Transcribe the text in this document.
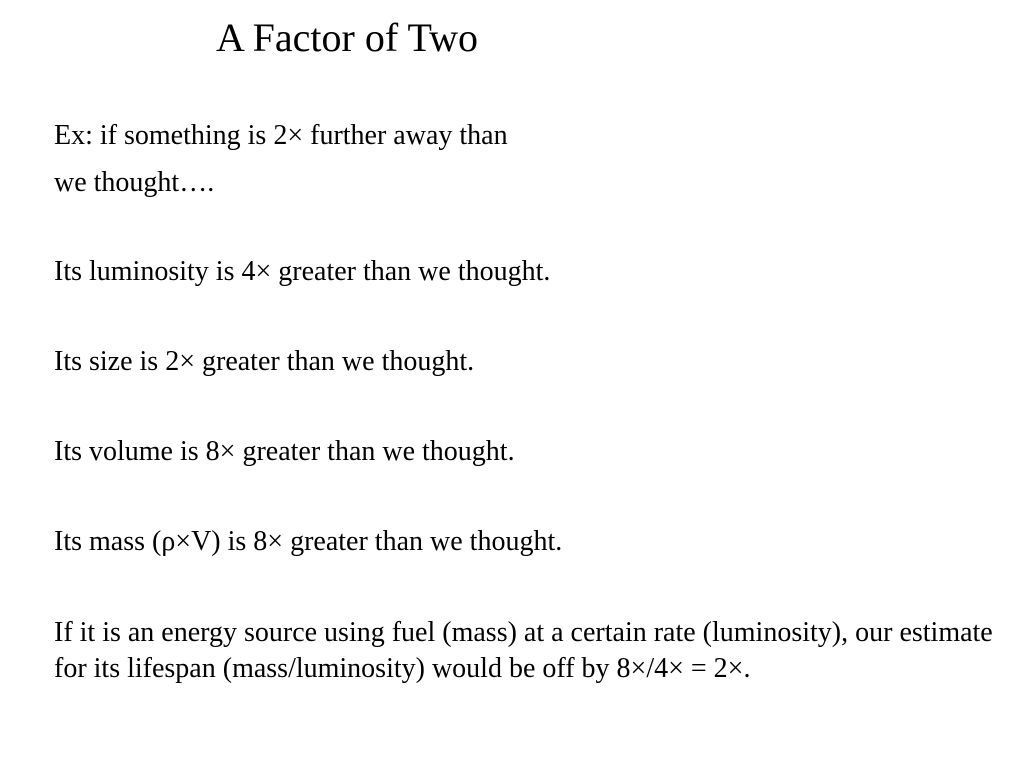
A Factor of Two

Ex: if something is 2× further away than

we thought….

Its luminosity is 4× greater than we thought.

Its size is 2× greater than we thought.

Its volume is 8× greater than we thought.

Its mass (ρ×V) is 8× greater than we thought.

If it is an energy source using fuel (mass) at a certain rate (luminosity), our estimate for its lifespan (mass/luminosity) would be off by 8×/4× = 2×.
